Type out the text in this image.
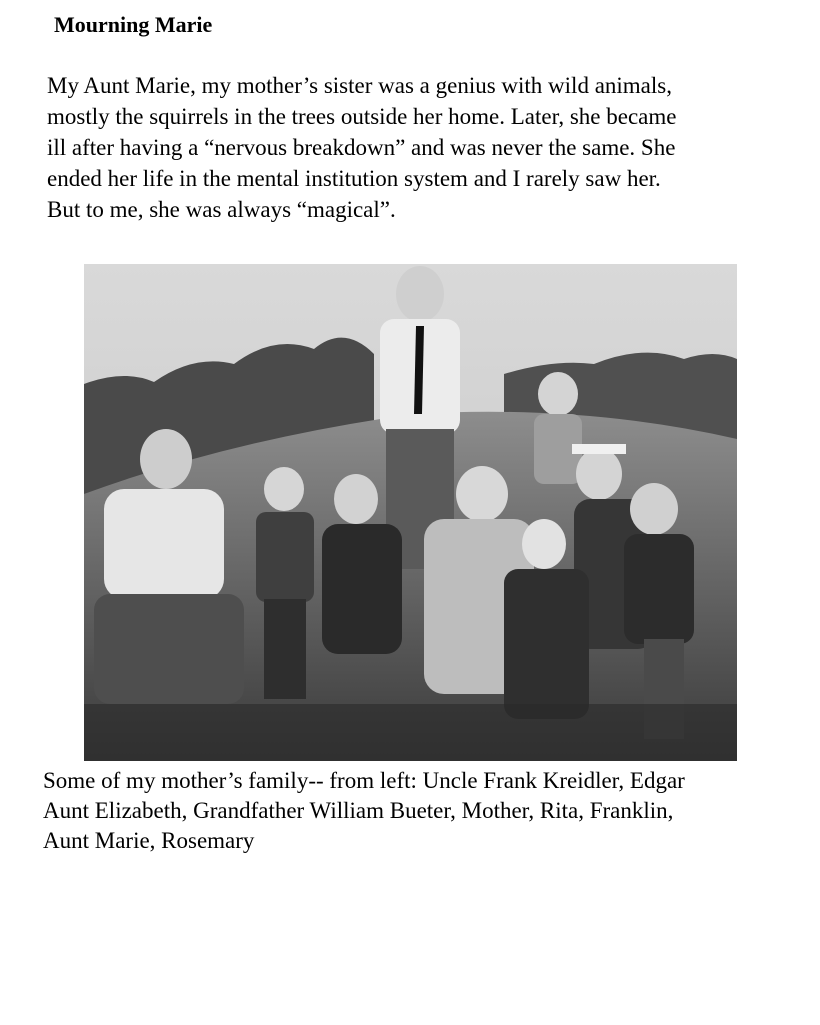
Mourning Marie
My Aunt Marie, my mother’s sister was a genius with wild animals,
mostly the squirrels in the trees outside her home. Later, she became
ill after having a “nervous breakdown” and was never the same. She
ended her life in the mental institution system and I rarely saw her.
But to me, she was always “magical”.
Some of my mother’s family-- from left: Uncle Frank Kreidler, Edgar
Aunt Elizabeth, Grandfather William Bueter, Mother, Rita, Franklin,
Aunt Marie, Rosemary
